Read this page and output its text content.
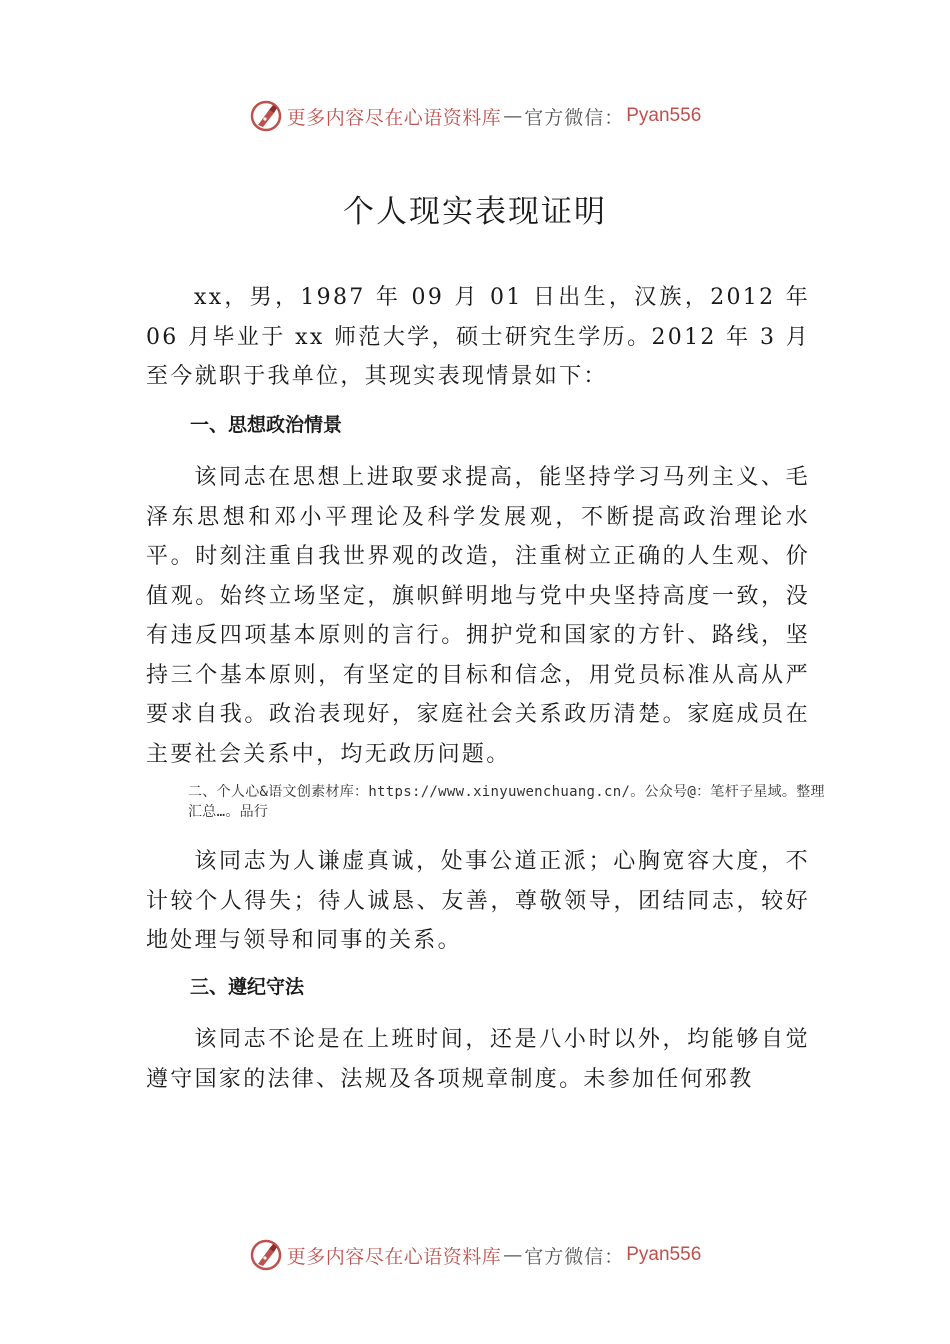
更多内容尽在心语资料库 — 官方微信： Pyan556
个人现实表现证明

xx，男，1987 年 09 月 01 日出生，汉族，2012 年 06 月毕业于 xx 师范大学，硕士研究生学历。2012 年 3 月至今就职于我单位，其现实表现情景如下：

一、思想政治情景

该同志在思想上进取要求提高，能坚持学习马列主义、毛泽东思想和邓小平理论及科学发展观，不断提高政治理论水平。时刻注重自我世界观的改造，注重树立正确的人生观、价值观。始终立场坚定，旗帜鲜明地与党中央坚持高度一致，没有违反四项基本原则的言行。拥护党和国家的方针、路线，坚持三个基本原则，有坚定的目标和信念，用党员标准从高从严要求自我。政治表现好，家庭社会关系政历清楚。家庭成员在主要社会关系中，均无政历问题。

二、个人心&语文创素材库：https://www.xinyuwenchuang.cn/。公众号@：笔杆子星域。整理汇总…。品行

该同志为人谦虚真诚，处事公道正派；心胸宽容大度，不计较个人得失；待人诚恳、友善，尊敬领导，团结同志，较好地处理与领导和同事的关系。

三、遵纪守法

该同志不论是在上班时间，还是八小时以外，均能够自觉遵守国家的法律、法规及各项规章制度。未参加任何邪教

更多内容尽在心语资料库 — 官方微信： Pyan556
